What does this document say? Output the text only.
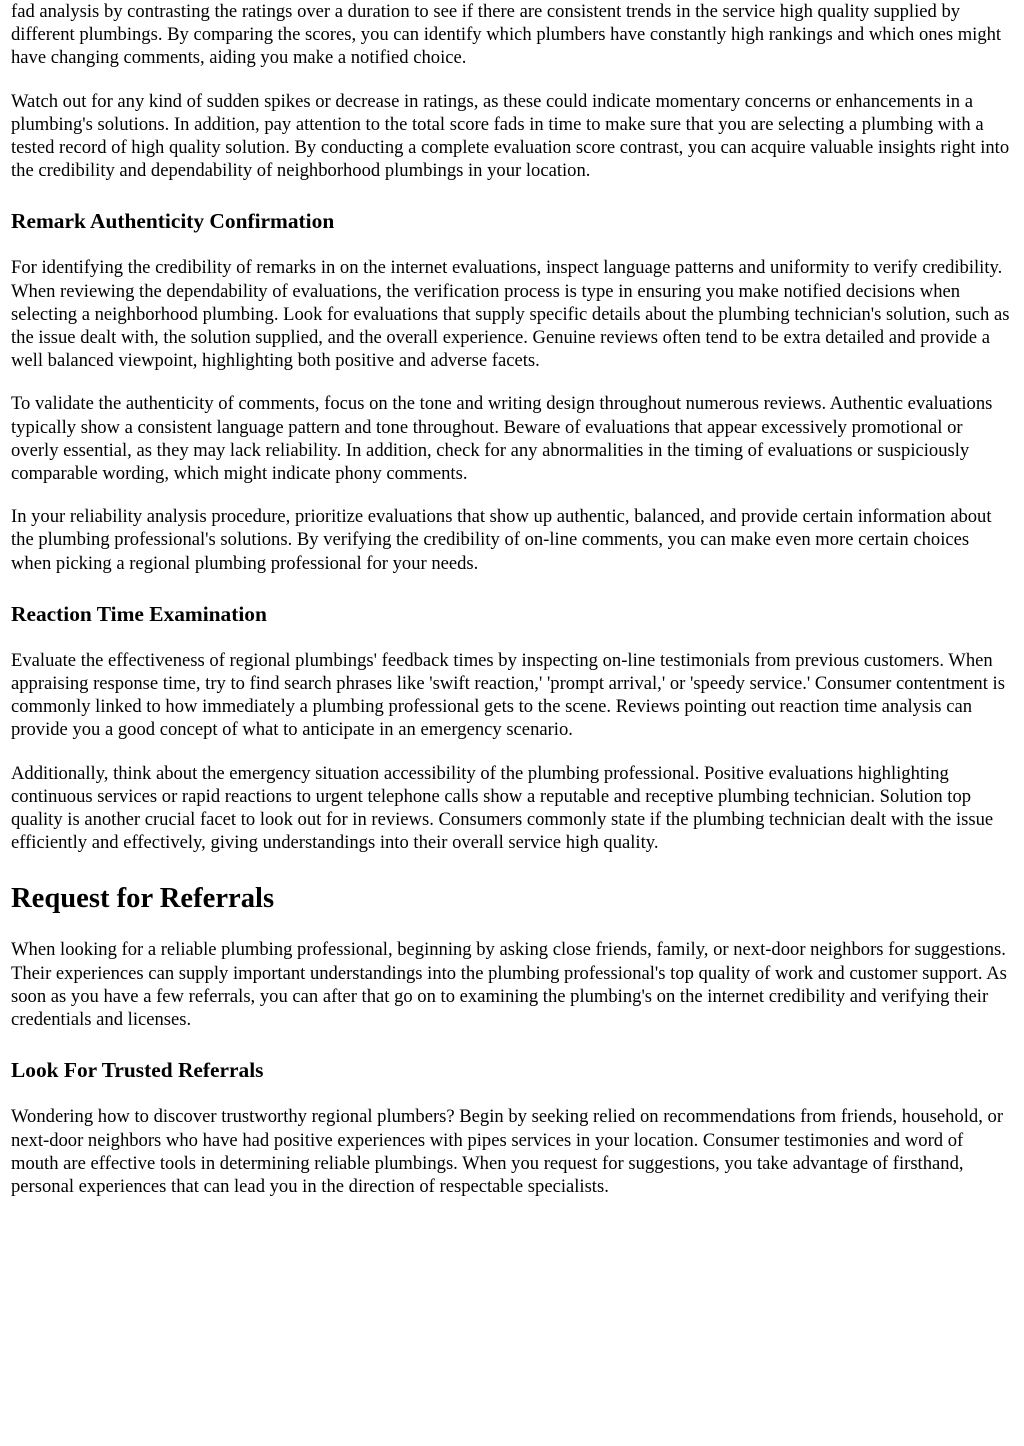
fad analysis by contrasting the ratings over a duration to see if there are consistent trends in the service high quality supplied by different plumbings. By comparing the scores, you can identify which plumbers have constantly high rankings and which ones might have changing comments, aiding you make a notified choice.

Watch out for any kind of sudden spikes or decrease in ratings, as these could indicate momentary concerns or enhancements in a plumbing's solutions. In addition, pay attention to the total score fads in time to make sure that you are selecting a plumbing with a tested record of high quality solution. By conducting a complete evaluation score contrast, you can acquire valuable insights right into the credibility and dependability of neighborhood plumbings in your location.

Remark Authenticity Confirmation

For identifying the credibility of remarks in on the internet evaluations, inspect language patterns and uniformity to verify credibility. When reviewing the dependability of evaluations, the verification process is type in ensuring you make notified decisions when selecting a neighborhood plumbing. Look for evaluations that supply specific details about the plumbing technician's solution, such as the issue dealt with, the solution supplied, and the overall experience. Genuine reviews often tend to be extra detailed and provide a well balanced viewpoint, highlighting both positive and adverse facets.

To validate the authenticity of comments, focus on the tone and writing design throughout numerous reviews. Authentic evaluations typically show a consistent language pattern and tone throughout. Beware of evaluations that appear excessively promotional or overly essential, as they may lack reliability. In addition, check for any abnormalities in the timing of evaluations or suspiciously comparable wording, which might indicate phony comments.

In your reliability analysis procedure, prioritize evaluations that show up authentic, balanced, and provide certain information about the plumbing professional's solutions. By verifying the credibility of on-line comments, you can make even more certain choices when picking a regional plumbing professional for your needs.

Reaction Time Examination

Evaluate the effectiveness of regional plumbings' feedback times by inspecting on-line testimonials from previous customers. When appraising response time, try to find search phrases like 'swift reaction,' 'prompt arrival,' or 'speedy service.' Consumer contentment is commonly linked to how immediately a plumbing professional gets to the scene. Reviews pointing out reaction time analysis can provide you a good concept of what to anticipate in an emergency scenario.

Additionally, think about the emergency situation accessibility of the plumbing professional. Positive evaluations highlighting continuous services or rapid reactions to urgent telephone calls show a reputable and receptive plumbing technician. Solution top quality is another crucial facet to look out for in reviews. Consumers commonly state if the plumbing technician dealt with the issue efficiently and effectively, giving understandings into their overall service high quality.

Request for Referrals

When looking for a reliable plumbing professional, beginning by asking close friends, family, or next-door neighbors for suggestions. Their experiences can supply important understandings into the plumbing professional's top quality of work and customer support. As soon as you have a few referrals, you can after that go on to examining the plumbing's on the internet credibility and verifying their credentials and licenses.

Look For Trusted Referrals

Wondering how to discover trustworthy regional plumbers? Begin by seeking relied on recommendations from friends, household, or next-door neighbors who have had positive experiences with pipes services in your location. Consumer testimonies and word of mouth are effective tools in determining reliable plumbings. When you request for suggestions, you take advantage of firsthand, personal experiences that can lead you in the direction of respectable specialists.
